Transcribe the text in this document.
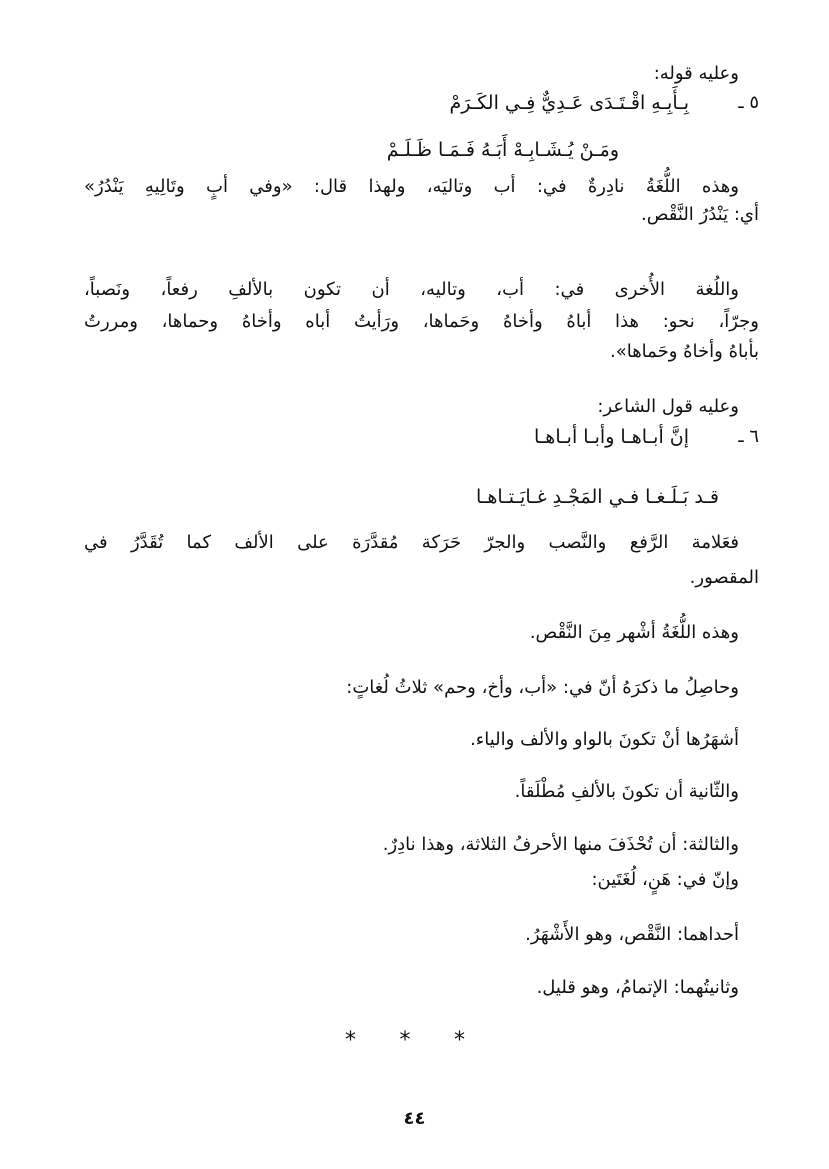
وعليه قوله:
٥ ـ
بِـأَبِـهِ اقْـتَـدَى عَـدِيٌّ فِـي الكَـرَمْ
ومَـنْ يُـشَـابِـهْ أَبَـهُ فَـمَـا ظَـلَـمْ
وهذه اللُّغَةُ نادِرةٌ في: أب وتاليَه، ولهذا قال: «وفي أبٍ وتَالِيهِ يَنْدُرُ»
أي: يَنْدُرُ النَّقْص.
واللُغة الأُخرى في: أب، وتاليه، أن تكون بالألفِ رفعاً، ونَصباً،
وجرّاً، نحو: هذا أباهُ وأخاهُ وحَماها، ورَأيتُ أباه وأخاهُ وحماها، ومررتُ
بأباهُ وأخاهُ وحَماها».
وعليه قول الشاعر:
٦ ـ
إنَّ أبـاهـا وأبـا أبـاهـا
قـد بَـلَـغـا فـي المَجْـدِ غـايَـتـاهـا
فعَلامة الرَّفع والنَّصب والجرّ حَرَكة مُقدَّرَة على الألف كما تُقَدَّرُ في
المقصور.
وهذه اللُّغَةُ أشْهر مِنَ النَّقْص.
وحاصِلُ ما ذكرَهُ أنّ في: «أب، وأخ، وحم» ثلاثُ لُغاتٍ:
أشهَرُها أنْ تكونَ بالواو والألف والياء.
والثّانية أن تكونَ بالألفِ مُطْلَقاً.
والثالثة: أن تُحْذَفَ منها الأحرفُ الثلاثة، وهذا نادِرٌ.
وإنّ في: هَنٍ، لُغَتَين:
أحداهما: النَّقْص، وهو الأَشْهَرُ.
وثانيتُهما: الإتمامُ، وهو قليل.
* * *
٤٤
